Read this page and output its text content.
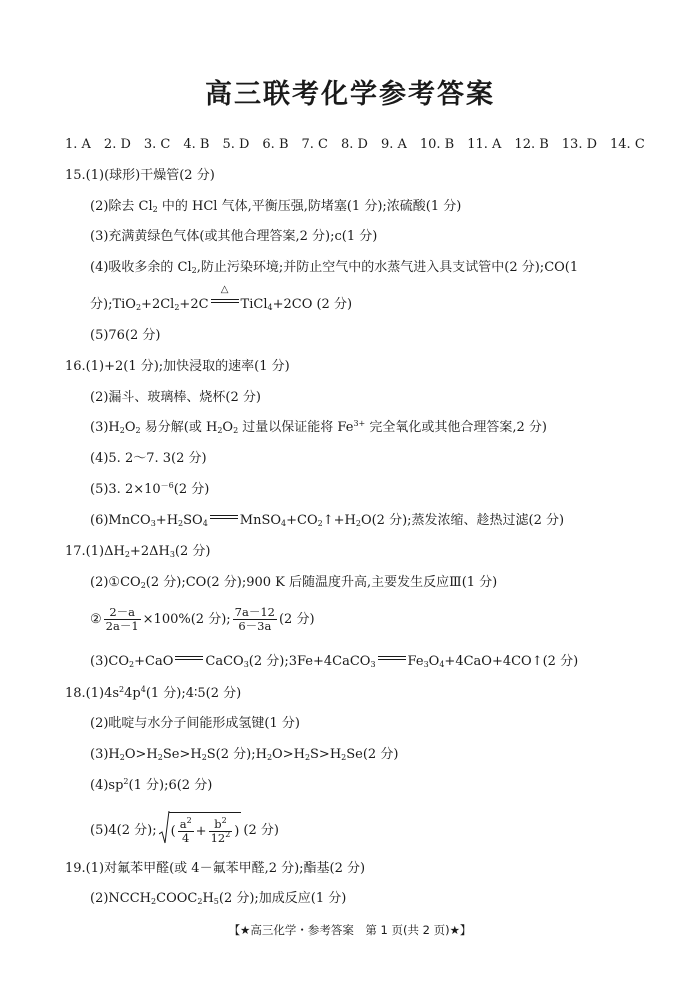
高三联考化学参考答案
1. A　2. D　3. C　4. B　5. D　6. B　7. C　8. D　9. A　10. B　11. A　12. B　13. D　14. C
15.(1)(球形)干燥管(2 分)
(2)除去 $Cl_2$ 中的 HCl 气体,平衡压强,防堵塞(1 分);浓硫酸(1 分)
(3)充满黄绿色气体(或其他合理答案,2 分);c(1 分)
(4)吸收多余的 $Cl_2$,防止污染环境;并防止空气中的水蒸气进入具支试管中(2 分);CO(1
分)$;TiO_2+2Cl_2+2C$
△
TiCl$_4$+2CO (2 分)
(5)76(2 分)
16.(1)+2(1 分);加快浸取的速率(1 分)
(2)漏斗、玻璃棒、烧杯(2 分)
$(3)H_2O_2$ 易分解(或 $H_2O_2$ 过量以保证能将 $Fe^{3+}$ 完全氧化或其他合理答案,2 分)
(4)5. 2～7. 3(2 分)
(5)3. $2\times 10^{-6}(2$ 分)
$(6)MnCO_3+H_2SO_4$ $MnSO_4+CO_2↑+H_2O(2$ 分);蒸发浓缩、趁热过滤(2 分)
$17.(1)\Delta H_2+2\Delta H_3(2$ 分)
$(2)①CO_2(2$ 分);CO(2 分);900 K 后随温度升高,主要发生反应Ⅲ(1 分)
② $\frac{2-a}{2a-1} \times 100\%(2$ 分); $\frac{7a-12}{6-3a} (2$ 分)
$(3)CO_2+CaO$ CaCO$_3$(2 分);3Fe+4CaCO$_3$ $Fe_3O_4+4CaO+4CO↑(2$ 分)
$18.(1)4s^24p^4(1$ 分);4∶5(2 分)
(2)吡啶与水分子间能形成氢键(1 分)
$(3)H_2O>H_2Se>H_2S(2$ 分)$;H_2O>H_2S>H_2Se(2$ 分)
$(4)sp^2(1$ 分);6(2 分)
(5)4(2 分); ( $\frac{a^2}{4} + \frac{b^2}{12^2}$ ) (2 分)
19.(1)对氟苯甲醛(或 4－氟苯甲醛,2 分);酯基(2 分)
$(2)NCCH_2COOC_2H_5(2$ 分);加成反应(1 分)
【★高三化学・参考答案　第 1 页(共 2 页)★】
